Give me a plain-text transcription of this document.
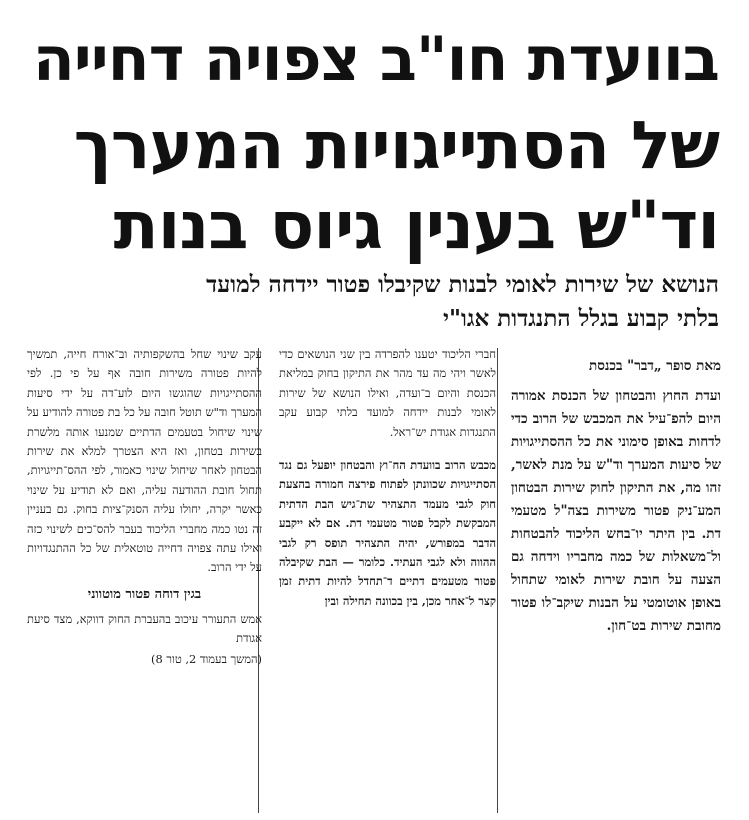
בוועדת חו"ב צפויה דחייה
של הסתייגויות המערך
וד"ש בענין גיוס בנות
הנושא של שירות לאומי לבנות שקיבלו פטור יידחה למועד
בלתי קבוע בגלל התנגדות אגו"י
מאת סופר „דבר" בכנסת

ועדת החוץ והבטחון של הכנסת אמורה היום להפ־עיל את המכבש של הרוב כדי לדחות באופן סימוני את כל ההסתייגויות של סיעות המערך וד"ש על מנת לאשר, זהו מה, את התיקון לחוק שירות הבטחון המע־ניק פטור משירות בצה"ל מטעמי דת. בין היתר יו־בחש הליכוד להבטחות ול־משאלות של כמה מחבריו וידחה גם הצעה על חובת שירות לאומי שתחול באופן אוטומטי על הבנות שיקב־לו פטור מחובת שירות בט־חון.

חברי הליכוד יטענו להפרדה בין שני הנושאים כדי לאשר ויהי מה עד מהר את התיקון בחוק במליאת הכנסת והיום ב־ועדה, ואילו הנושא של שירות לאומי לבנות יידחה למועד בלתי קבוע עקב התנגדות אגודת יש־ראל.

מכבש הרוב בוועדת הח־וץ והבטחון יופעל גם נגד הסתייגויות שכוונתן לפתוח פירצה חמורה בהצעת חוק לגבי מעמד התצהיר שת־גיש הבת הדתית המבקשת לקבל פטור מטעמי דת. אם לא ייקבע הדבר במפורש, יהיה התצהיר תופס רק לגבי ההווה ולא לגבי העתיד. כלומר — הבת שקיבלה פטור מטעמים דתיים ד־תחדל להיות דתית זמן קצר ל־אחר מכן, בין בכוונה תחילה ובין

עקב שינוי שחל בהשקפותיה וב־אורח חייה, תמשיך להיות פטורה משירות חובה אף על פי כן. לפי ההסתייגויות שהוגשו היום לוע־דה על ידי סיעות המערך וד"ש תוטל חובה על כל בת פטורה להודיע על שינוי שיחול בטעמים הדתיים שמנעו אותה מלשרת בשירות בטחון, ואז היא הצטרך למלא את שירות הבטחון לאחר שיחול שינוי כאמור, לפי ההס־תייגויות, תחול חובת ההודעה עליה, ואם לא תודיע על שינוי כאשר יקרה, יחולו עליה הסנק־ציות בחוק. גם בעניין זה נטו כמה מחברי הליכוד בעבר להס־כים לשינוי כזה ואילו עתה צפויה דחייה טוטאלית של כל ההתנגדויות על ידי הרוב.

בגין דוחה פטור מוטווני

אמש התעורר עיכוב בהעברת החוק דווקא, מצד סיעת אגודת

(המשך בעמוד 2, טור 8)
